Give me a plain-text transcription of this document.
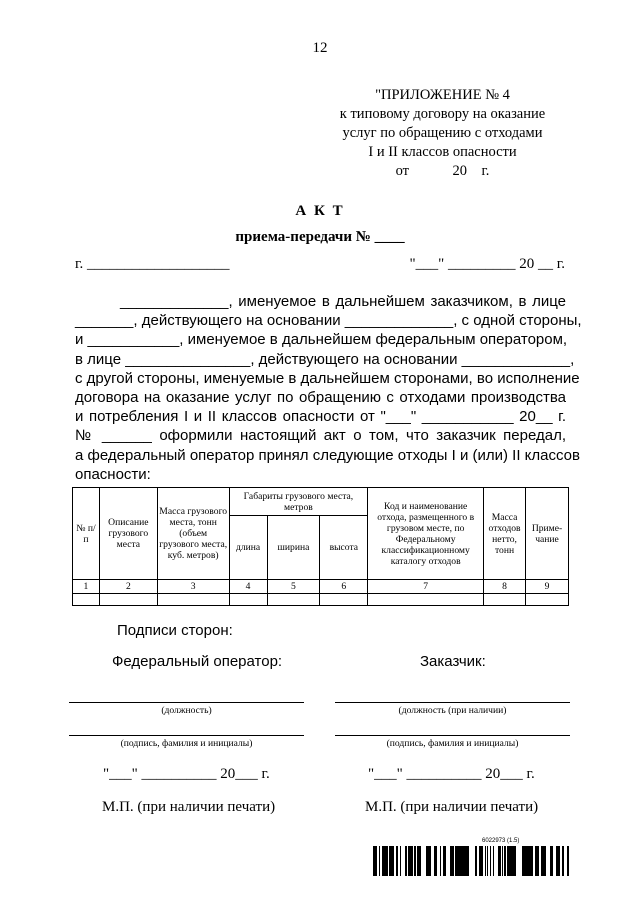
12
"ПРИЛОЖЕНИЕ № 4
к типовому договору на оказание
услуг по обращению с отходами
I и II классов опасности
от            20    г.
А К Т
приема-передачи № ____
г. ___________________	"___" _________ 20 __ г.
_____________, именуемое в дальнейшем заказчиком, в лице
_______, действующего на основании _____________, с одной стороны,
и ___________, именуемое в дальнейшем федеральным оператором,
в лице _______________, действующего на основании _____________,
с другой стороны, именуемые в дальнейшем сторонами, во исполнение
договора на оказание услуг по обращению с отходами производства
и потребления I и II классов опасности от "___" ___________ 20__ г.
№ ______ оформили настоящий акт о том, что заказчик передал,
а федеральный оператор принял следующие отходы I и (или) II классов
опасности:
№ п/п	Описание грузового места	Масса грузового места, тонн (объем грузового места, куб. метров)	Габариты грузового места, метров			Код и наименование отхода, размещенного в грузовом месте, по Федеральному классификационному каталогу отходов	Масса отходов нетто, тонн	Приме-чание
			длина	ширина	высота			
1	2	3	4	5	6	7	8	9

Подписи сторон:
Федеральный оператор:	Заказчик:
(должность)	(должность (при наличии)
(подпись, фамилия и инициалы)	(подпись, фамилия и инициалы)
"___" __________ 20___ г.	"___" __________ 20___ г.
М.П. (при наличии печати)	М.П. (при наличии печати)
6022973 (1.5)
